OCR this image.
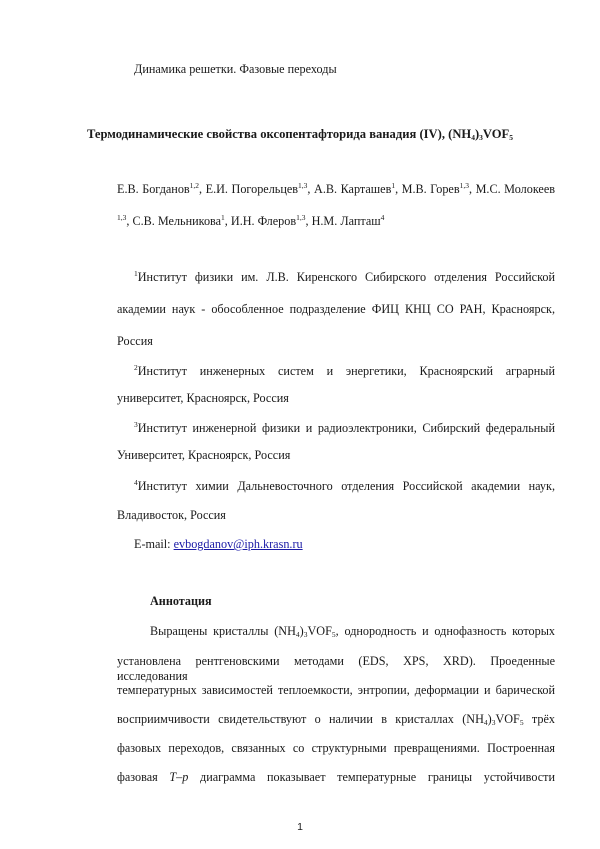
Динамика решетки. Фазовые переходы
Термодинамические свойства оксопентафторида ванадия (IV), $(NH_4)_3VOF_5$
Е.В. Богданов$^{1,2}$, Е.И. Погорельцев$^{1,3}$, А.В. Карташев$^1$, М.В. Горев$^{1,3}$, М.С. Молокеев
$^{1,3}$, С.В. Мельникова$^1$, И.Н. Флеров$^{1,3}$, Н.М. Лапташ$^4$
$^1$Институт физики им. Л.В. Киренского Сибирского отделения Российской
академии наук - обособленное подразделение ФИЦ КНЦ СО РАН, Красноярск,
Россия
$^2$Институт инженерных систем и энергетики, Красноярский аграрный
университет, Красноярск, Россия
$^3$Институт инженерной физики и радиоэлектроники, Сибирский федеральный
Университет, Красноярск, Россия
$^4$Институт химии Дальневосточного отделения Российской академии наук,
Владивосток, Россия
E-mail: evbogdanov@iph.krasn.ru
Аннотация
Выращены кристаллы $(NH_4)_3VOF_5$, однородность и однофазность которых
установлена рентгеновскими методами (EDS, XPS, XRD). Проеденные исследования
температурных зависимостей теплоемкости, энтропии, деформации и барической
восприимчивости свидетельствуют о наличии в кристаллах $(NH_4)_3VOF_5$ трёх
фазовых переходов, связанных со структурными превращениями. Построенная
фазовая T–p диаграмма показывает температурные границы устойчивости
1
